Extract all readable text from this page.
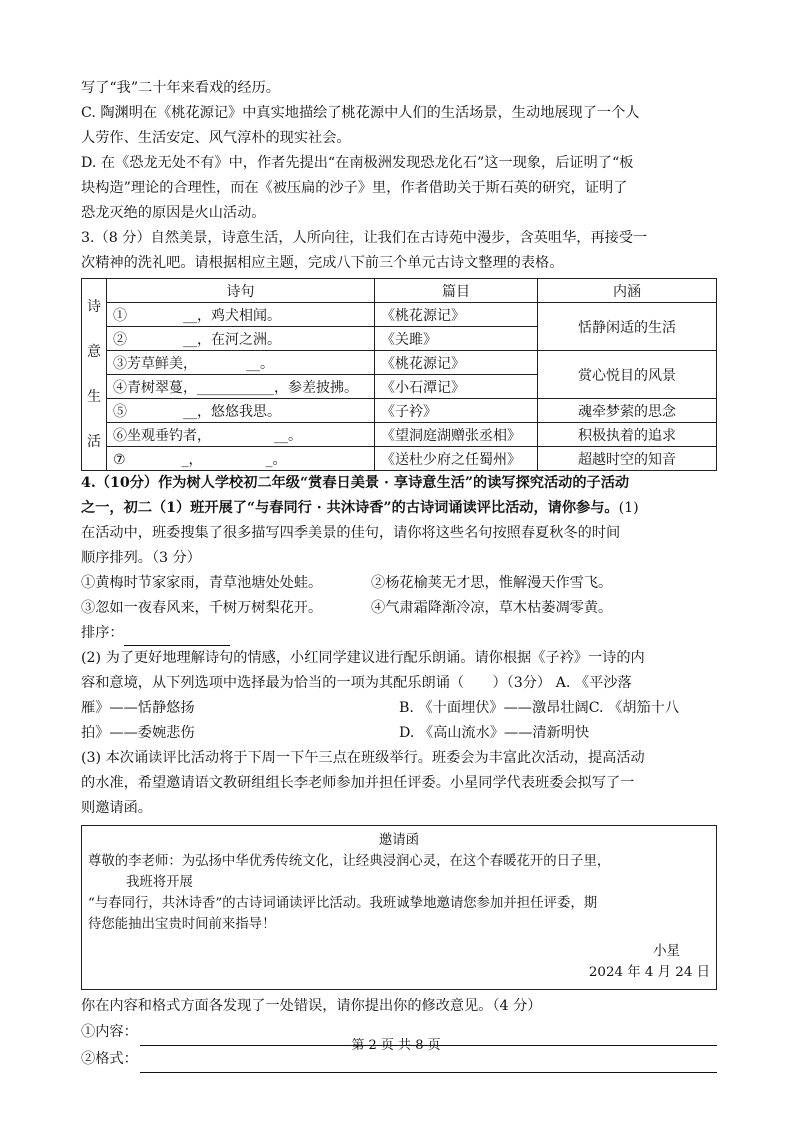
写了“我”二十年来看戏的经历。

C. 陶渊明在《桃花源记》中真实地描绘了桃花源中人们的生活场景，生动地展现了一个人

人劳作、生活安定、风气淳朴的现实社会。

D. 在《恐龙无处不有》中，作者先提出“在南极洲发现恐龙化石”这一现象，后证明了“板

块构造”理论的合理性，而在《被压扁的沙子》里，作者借助关于斯石英的研究，证明了

恐龙灭绝的原因是火山活动。

3.（8 分）自然美景，诗意生活，人所向往，让我们在古诗苑中漫步，含英咀华，再接受一

次精神的洗礼吧。请根据相应主题，完成八下前三个单元古诗文整理的表格。

诗
意
生
活	诗句	篇目	内涵
	①　　　　__，鸡犬相闻。	《桃花源记》	恬静闲适的生活
	②　　　　__，在河之洲。	《关雎》	
	③芳草鲜美，　　　　__。	《桃花源记》	赏心悦目的风景
	④青树翠蔓，___________，参差披拂。	《小石潭记》	
	⑤　　　　__，悠悠我思。	《子衿》	魂牵梦萦的思念
	⑥坐观垂钓者，　　　　　__。	《望洞庭湖赠张丞相》	积极执着的追求
	⑦　　　　_，　　　　　_。	《送杜少府之任蜀州》	超越时空的知音

4.（10分）作为树人学校初二年级“赏春日美景 · 享诗意生活”的读写探究活动的子活动

之一，初二（1）班开展了“与春同行 · 共沐诗香”的古诗词诵读评比活动，请你参与。(1)

在活动中，班委搜集了很多描写四季美景的佳句，请你将这些名句按照春夏秋冬的时间

顺序排列。（3 分）

①黄梅时节家家雨，青草池塘处处蛙。	②杨花榆荚无才思，惟解漫天作雪飞。
③忽如一夜春风来，千树万树梨花开。	④气肃霜降渐冷凉，草木枯萎凋零黄。

排序：

(2) 为了更好地理解诗句的情感，小红同学建议进行配乐朗诵。请你根据《子衿》一诗的内

容和意境，从下列选项中选择最为恰当的一项为其配乐朗诵（　　）（3分） A. 《平沙落

雁》——恬静悠扬	B. 《十面埋伏》——激昂壮阔C. 《胡笳十八
拍》——委婉悲伤	D. 《高山流水》——清新明快

(3) 本次诵读评比活动将于下周一下午三点在班级举行。班委会为丰富此次活动，提高活动

的水准，希望邀请语文教研组组长李老师参加并担任评委。小星同学代表班委会拟写了一

则邀请函。

邀请函
尊敬的李老师：为弘扬中华优秀传统文化，让经典浸润心灵，在这个春暖花开的日子里，
我班将开展
“与春同行，共沐诗香”的古诗词诵读评比活动。我班诚挚地邀请您参加并担任评委，期
待您能抽出宝贵时间前来指导！
小星
2024 年 4 月 24 日

你在内容和格式方面各发现了一处错误，请你提出你的修改意见。（4 分）

①内容：
②格式：
第 2 页 共 8 页
